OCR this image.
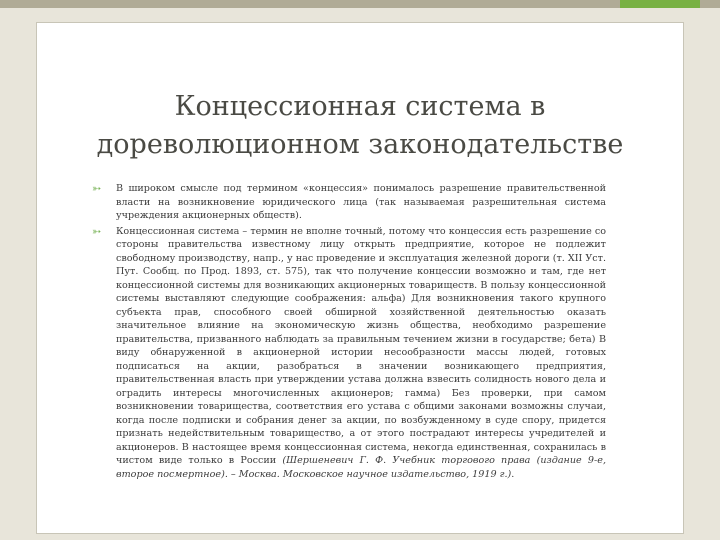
Концессионная система в дореволюционном законодательстве
➳ В широком смысле под термином «концессия» понималось разрешение правительственной власти на возникновение юридического лица (так называемая разрешительная система учреждения акционерных обществ).
➳ Концессионная система – термин не вполне точный, потому что концессия есть разрешение со стороны правительства известному лицу открыть предприятие, которое не подлежит свободному производству, напр., у нас проведение и эксплуатация железной дороги (т. XII Уст. Пут. Сообщ. по Прод. 1893, ст. 575), так что получение концессии возможно и там, где нет концессионной системы для возникающих акционерных товариществ. В пользу концессионной системы выставляют следующие соображения: альфа) Для возникновения такого крупного субъекта прав, способного своей обширной хозяйственной деятельностью оказать значительное влияние на экономическую жизнь общества, необходимо разрешение правительства, призванного наблюдать за правильным течением жизни в государстве; бета) В виду обнаруженной в акционерной истории несообразности массы людей, готовых подписаться на акции, разобраться в значении возникающего предприятия, правительственная власть при утверждении устава должна взвесить солидность нового дела и оградить интересы многочисленных акционеров; гамма) Без проверки, при самом возникновении товарищества, соответствия его устава с общими законами возможны случаи, когда после подписки и собрания денег за акции, по возбужденному в суде спору, придется признать недействительным товарищество, а от этого пострадают интересы учредителей и акционеров. В настоящее время концессионная система, некогда единственная, сохранилась в чистом виде только в России (Шершеневич Г. Ф. Учебник торгового права (издание 9-е, второе посмертное). – Москва. Московское научное издательство, 1919 г.).
